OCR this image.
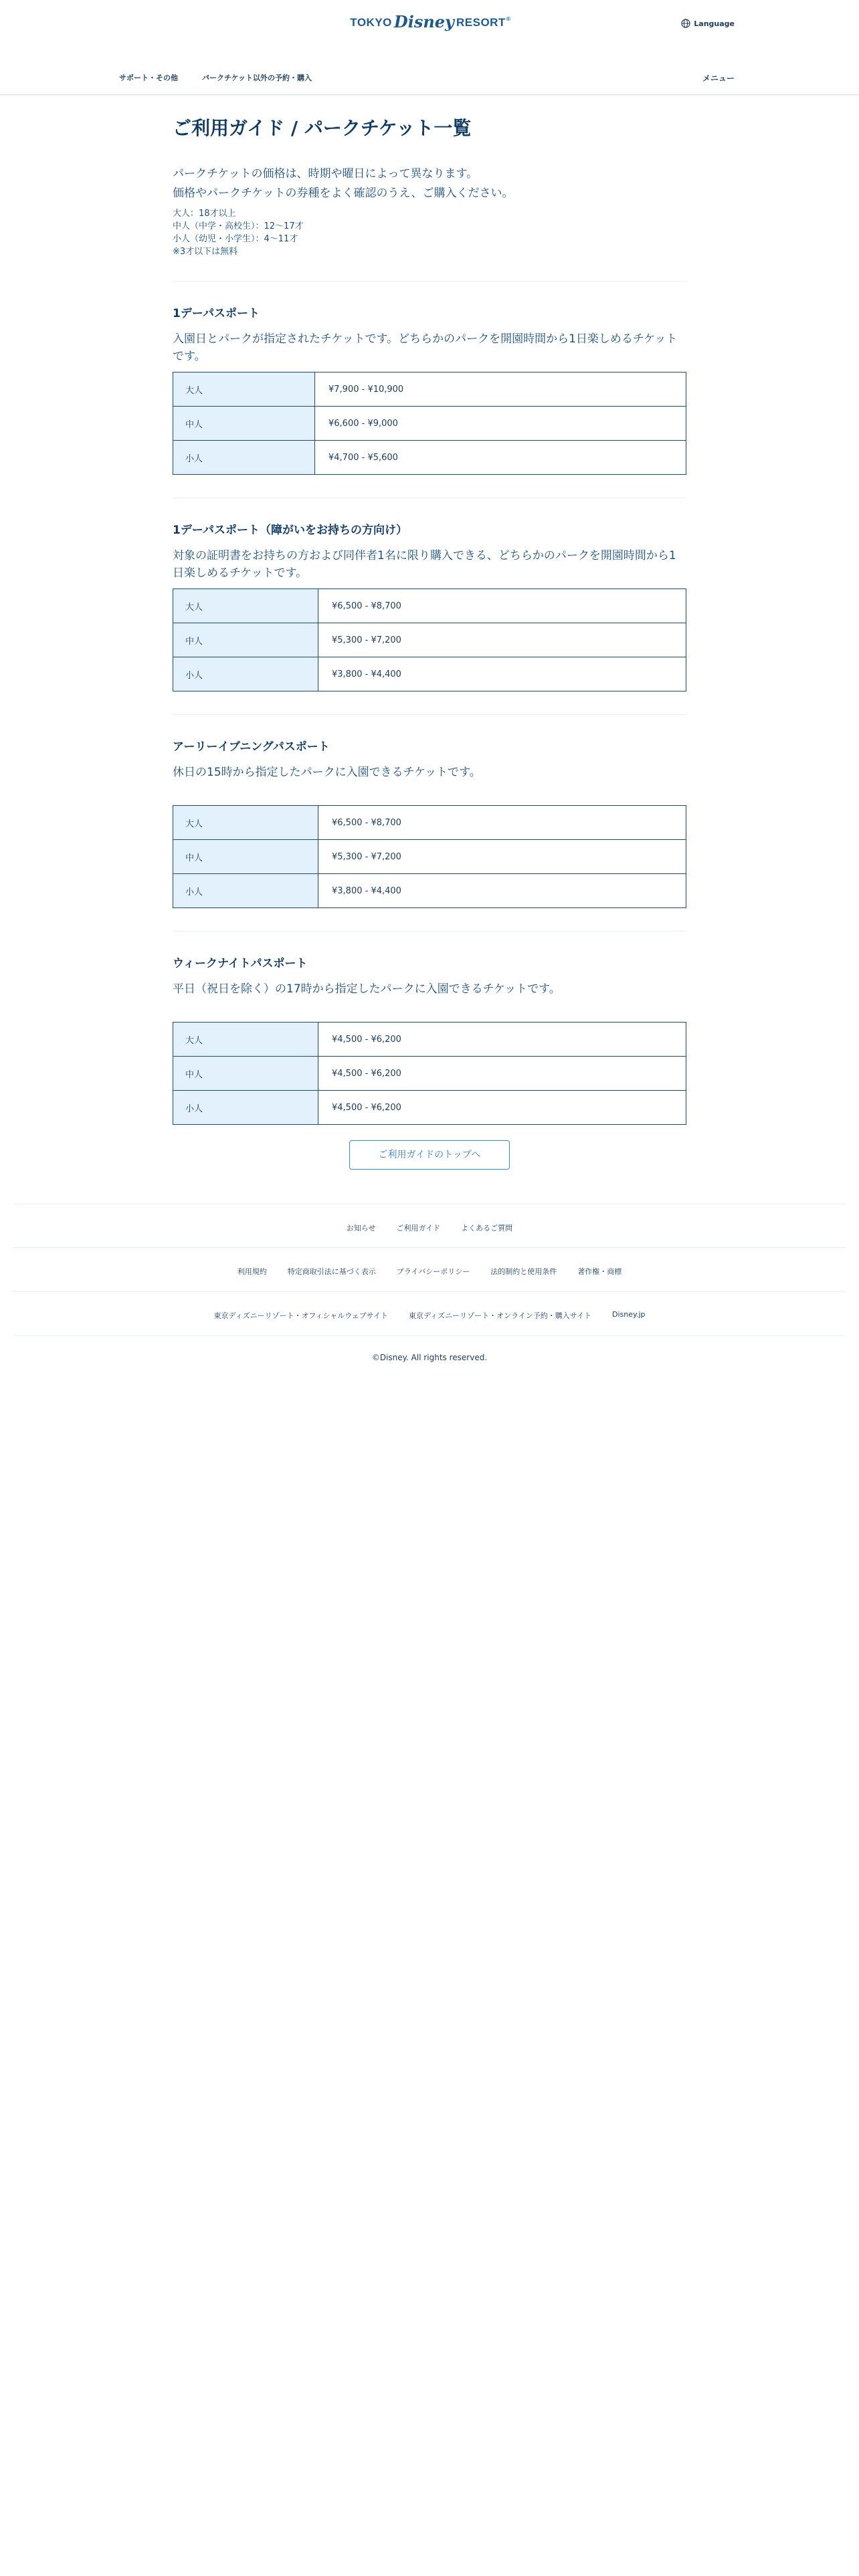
TOKYO Disney RESORT ®	Language
サポート・その他	パークチケット以外の予約・購入	メニュー
ご利用ガイド / パークチケット一覧

パークチケットの価格は、時期や曜日によって異なります。

価格やパークチケットの券種をよく確認のうえ、ご購入ください。

大人：18才以上

中人（中学・高校生）：12〜17才

小人（幼児・小学生）：4〜11才

※3才以下は無料

1デーパスポート

入園日とパークが指定されたチケットです。どちらかのパークを開園時間から1日楽しめるチケットです。

大人	¥7,900 - ¥10,900
中人	¥6,600 - ¥9,000
小人	¥4,700 - ¥5,600
1デーパスポート（障がいをお持ちの方向け）

対象の証明書をお持ちの方および同伴者1名に限り購入できる、どちらかのパークを開園時間から1日楽しめるチケットです。

大人	¥6,500 - ¥8,700
中人	¥5,300 - ¥7,200
小人	¥3,800 - ¥4,400
アーリーイブニングパスポート

休日の15時から指定したパークに入園できるチケットです。

大人	¥6,500 - ¥8,700
中人	¥5,300 - ¥7,200
小人	¥3,800 - ¥4,400
ウィークナイトパスポート

平日（祝日を除く）の17時から指定したパークに入園できるチケットです。

大人	¥4,500 - ¥6,200
中人	¥4,500 - ¥6,200
小人	¥4,500 - ¥6,200
ご利用ガイドのトップへ
お知らせ	ご利用ガイド	よくあるご質問
利用規約	特定商取引法に基づく表示	プライバシーポリシー	法的制約と使用条件	著作権・商標
東京ディズニーリゾート・オフィシャルウェブサイト	東京ディズニーリゾート・オンライン予約・購入サイト	Disney.jp
©Disney. All rights reserved.
